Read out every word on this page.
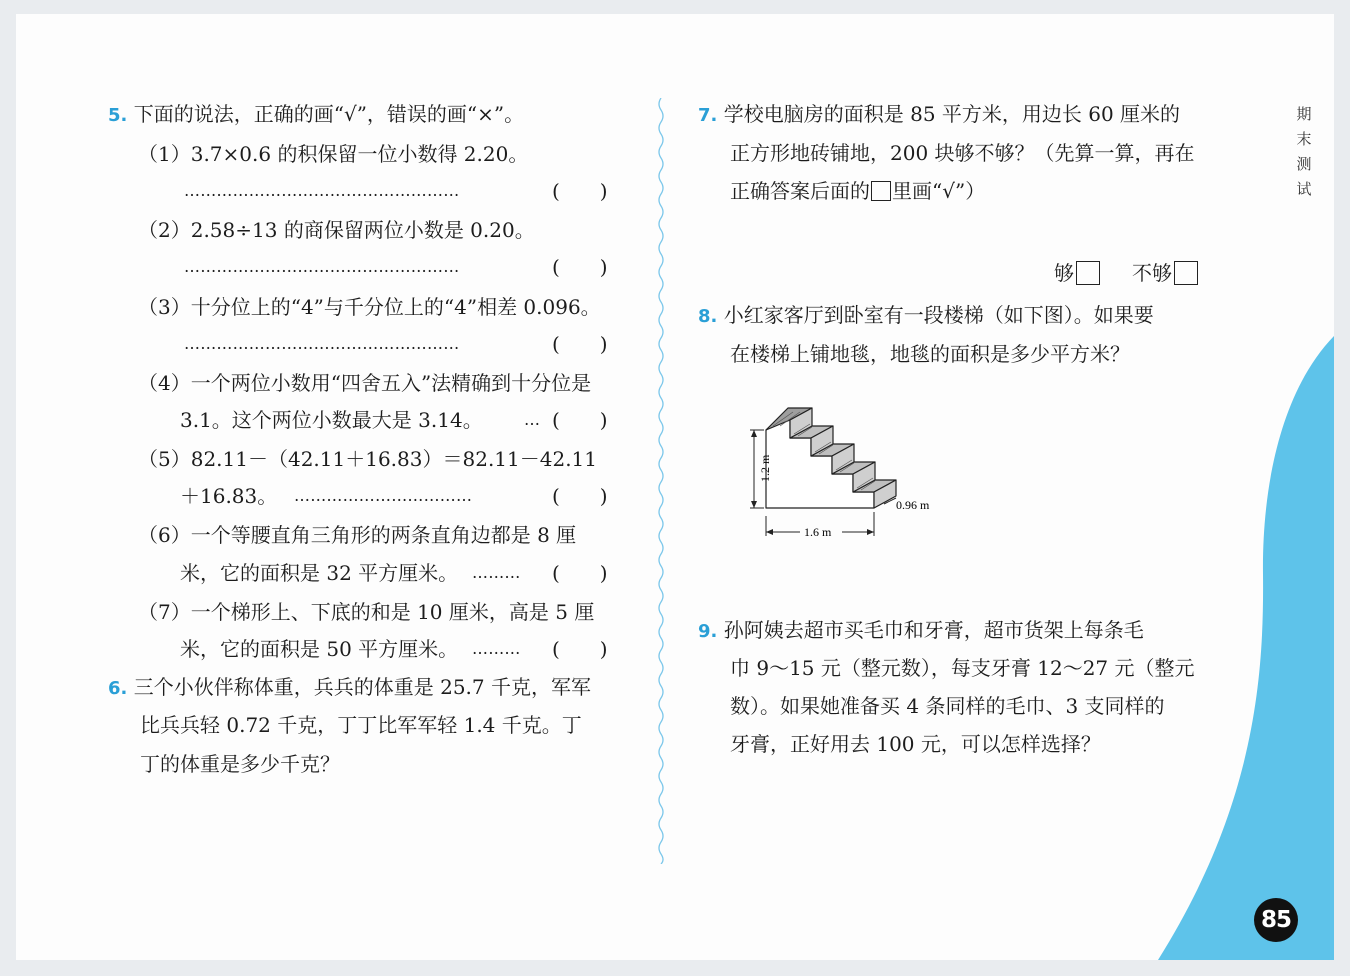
期
末
测
试
5. 下面的说法，正确的画“√”，错误的画“×”。
（1）3.7×0.6 的积保留一位小数得 2.20。
……………………………………………	(　　)
（2）2.58÷13 的商保留两位小数是 0.20。
……………………………………………	(　　)
（3）十分位上的“4”与千分位上的“4”相差 0.096。
……………………………………………	(　　)
（4）一个两位小数用“四舍五入”法精确到十分位是
3.1。这个两位小数最大是 3.14。	… (　　)
（5）82.11－（42.11＋16.83）＝82.11－42.11
＋16.83。 ……………………………	(　　)
（6）一个等腰直角三角形的两条直角边都是 8 厘
米，它的面积是 32 平方厘米。 ………	(　　)
（7）一个梯形上、下底的和是 10 厘米，高是 5 厘
米，它的面积是 50 平方厘米。 ………	(　　)
6. 三个小伙伴称体重，兵兵的体重是 25.7 千克，军军
比兵兵轻 0.72 千克，丁丁比军军轻 1.4 千克。丁
丁的体重是多少千克？
7. 学校电脑房的面积是 85 平方米，用边长 60 厘米的
正方形地砖铺地，200 块够不够？（先算一算，再在
正确答案后面的 里画“√”）
够	不够
8. 小红家客厅到卧室有一段楼梯（如下图）。如果要
在楼梯上铺地毯，地毯的面积是多少平方米？
1.2 m
1.6 m
0.96 m
9. 孙阿姨去超市买毛巾和牙膏，超市货架上每条毛
巾 9～15 元（整元数），每支牙膏 12～27 元（整元
数）。如果她准备买 4 条同样的毛巾、3 支同样的
牙膏，正好用去 100 元，可以怎样选择？
85
